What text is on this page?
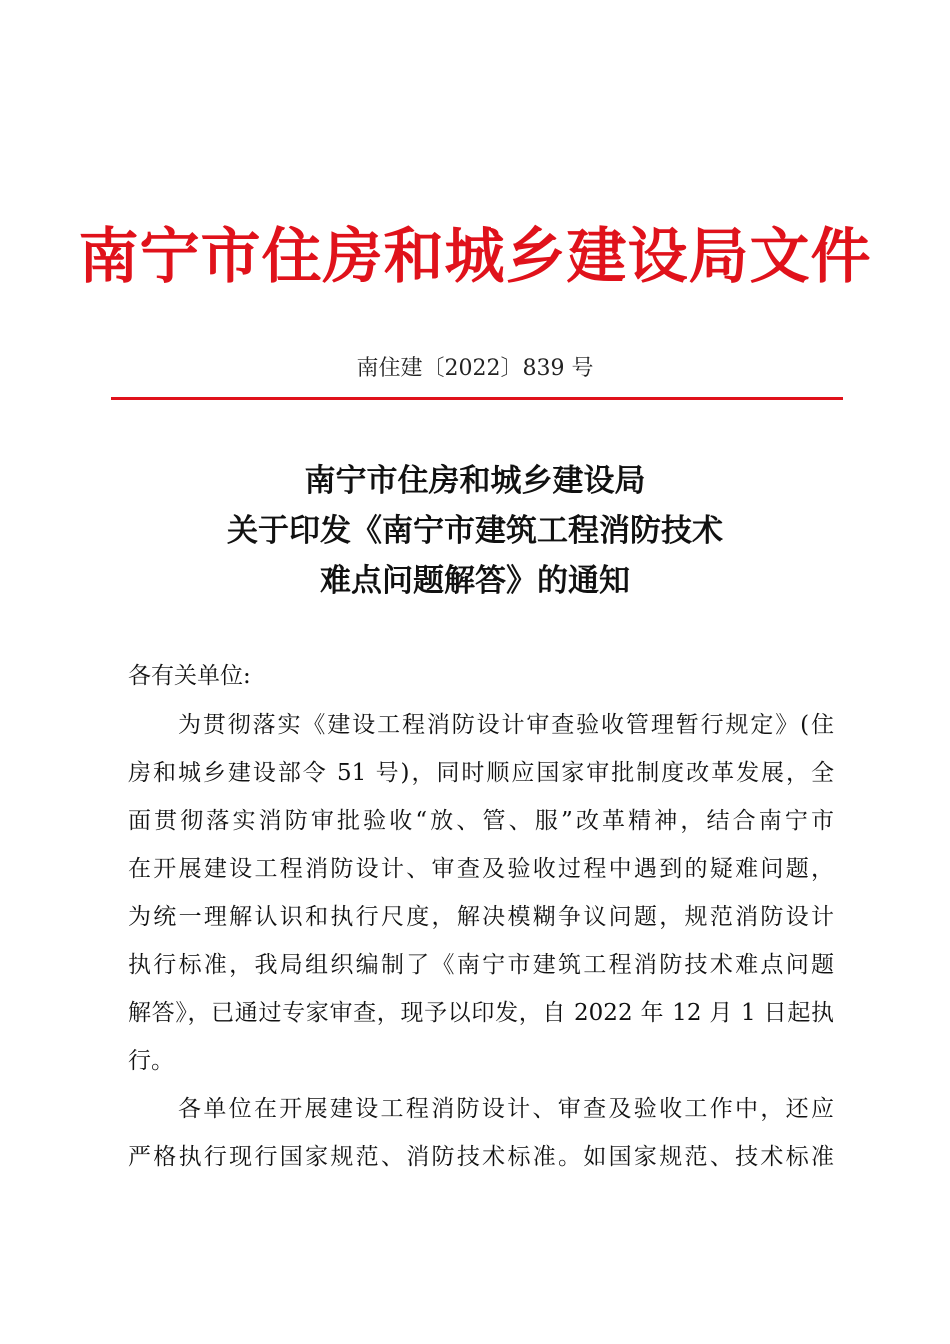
南宁市住房和城乡建设局文件
南住建〔2022〕839 号
南宁市住房和城乡建设局
关于印发《南宁市建筑工程消防技术
难点问题解答》的通知
各有关单位:
为贯彻落实《建设工程消防设计审查验收管理暂行规定》(住
房和城乡建设部令 51 号)，同时顺应国家审批制度改革发展，全
面贯彻落实消防审批验收“放、管、服”改革精神，结合南宁市
在开展建设工程消防设计、审查及验收过程中遇到的疑难问题，
为统一理解认识和执行尺度，解决模糊争议问题，规范消防设计
执行标准，我局组织编制了《南宁市建筑工程消防技术难点问题
解答》，已通过专家审查，现予以印发，自 2022 年 12 月 1 日起执
行。
各单位在开展建设工程消防设计、审查及验收工作中，还应
严格执行现行国家规范、消防技术标准。如国家规范、技术标准
